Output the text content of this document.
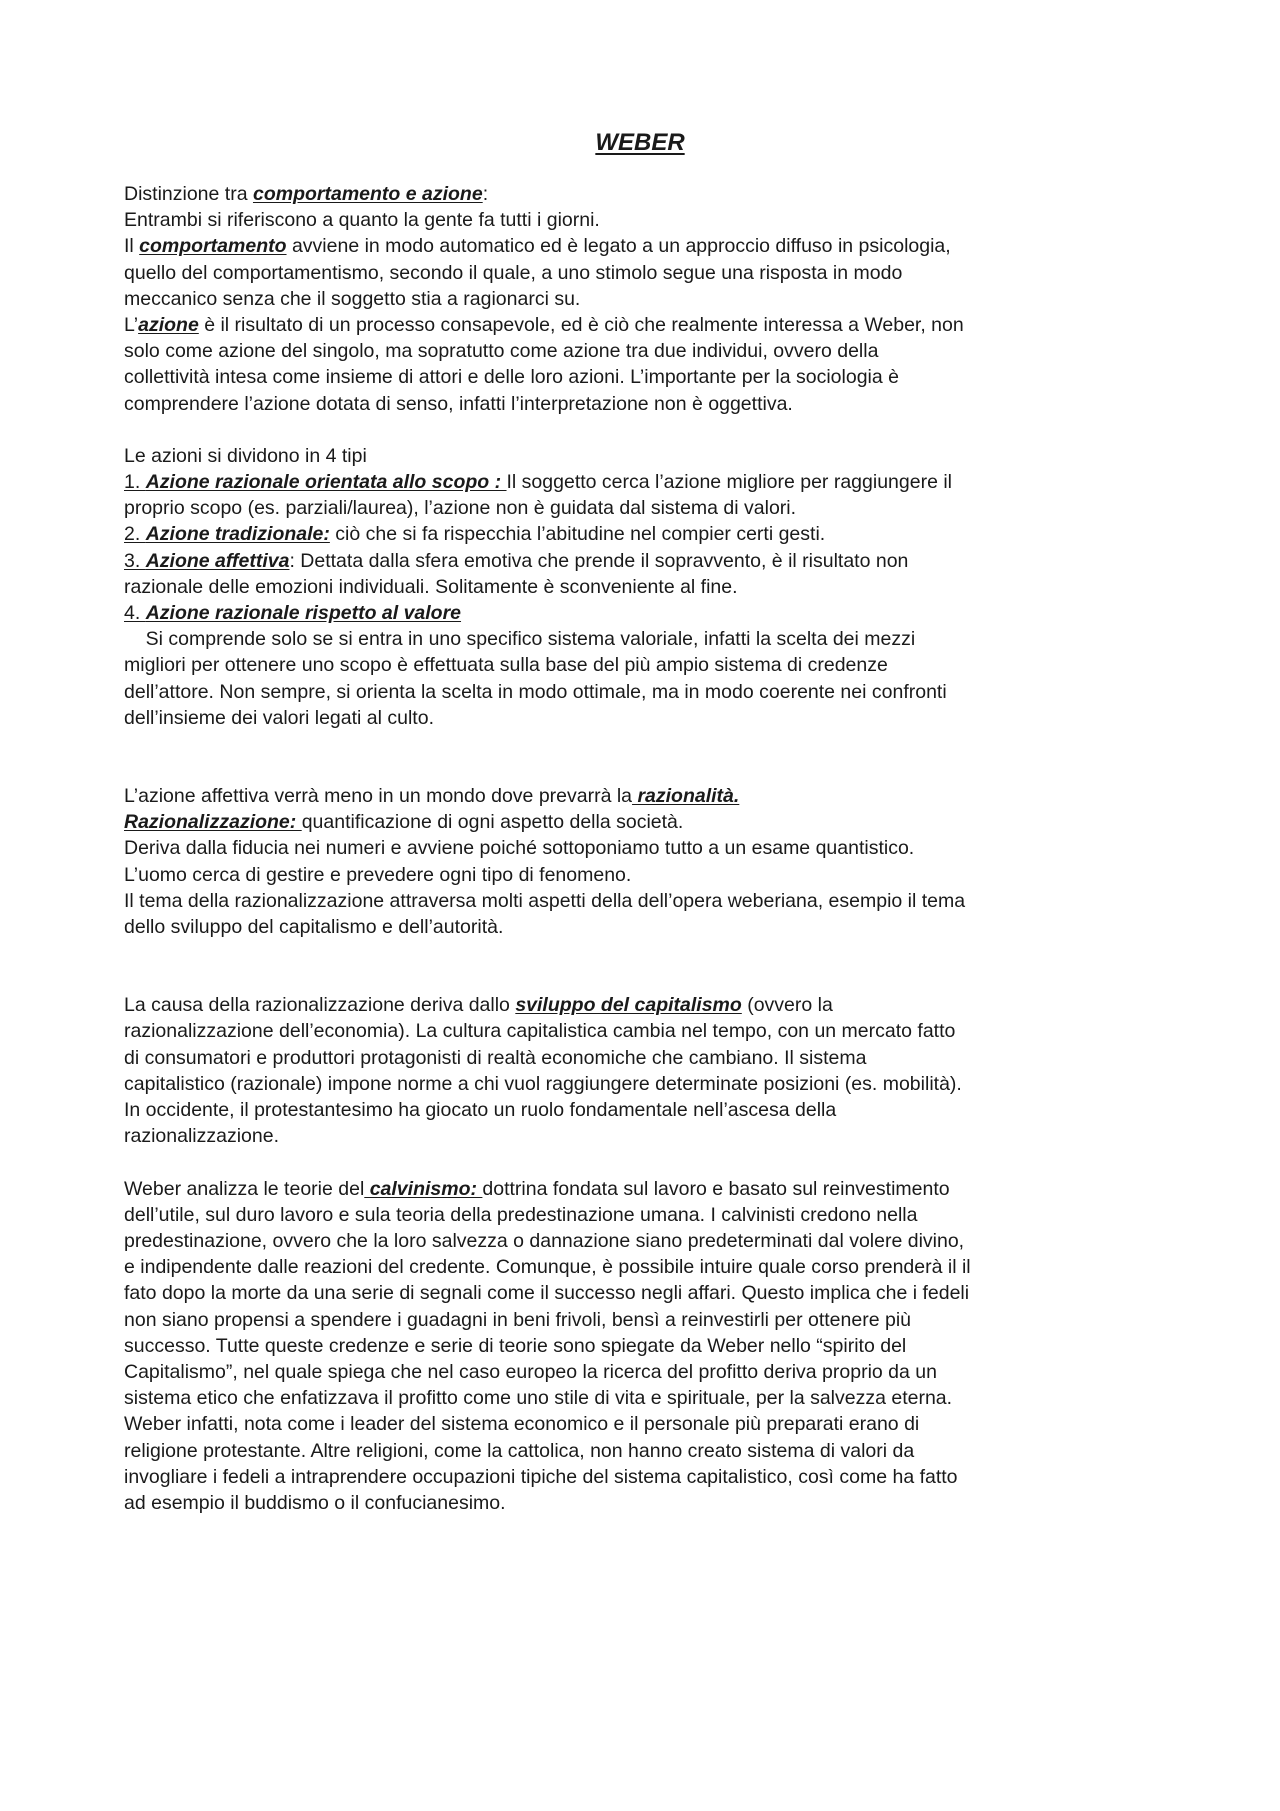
WEBER

Distinzione tra comportamento e azione:

Entrambi si riferiscono a quanto la gente fa tutti i giorni.

Il comportamento avviene in modo automatico ed è legato a un approccio diffuso in psicologia,

quello del comportamentismo, secondo il quale, a uno stimolo segue una risposta in modo

meccanico senza che il soggetto stia a ragionarci su.

L’azione è il risultato di un processo consapevole, ed è ciò che realmente interessa a Weber, non

solo come azione del singolo, ma sopratutto come azione tra due individui, ovvero della

collettività intesa come insieme di attori e delle loro azioni. L’importante per la sociologia è

comprendere l’azione dotata di senso, infatti l’interpretazione non è oggettiva.

Le azioni si dividono in 4 tipi

1. Azione razionale orientata allo scopo : Il soggetto cerca l’azione migliore per raggiungere il

proprio scopo (es. parziali/laurea), l’azione non è guidata dal sistema di valori.

2. Azione tradizionale: ciò che si fa rispecchia l’abitudine nel compier certi gesti.

3. Azione affettiva: Dettata dalla sfera emotiva che prende il sopravvento, è il risultato non

razionale delle emozioni individuali. Solitamente è sconveniente al fine.

4. Azione razionale rispetto al valore

Si comprende solo se si entra in uno specifico sistema valoriale, infatti la scelta dei mezzi

migliori per ottenere uno scopo è effettuata sulla base del più ampio sistema di credenze

dell’attore. Non sempre, si orienta la scelta in modo ottimale, ma in modo coerente nei confronti

dell’insieme dei valori legati al culto.

L’azione affettiva verrà meno in un mondo dove prevarrà la razionalità.

Razionalizzazione: quantificazione di ogni aspetto della società.

Deriva dalla fiducia nei numeri e avviene poiché sottoponiamo tutto a un esame quantistico.

L’uomo cerca di gestire e prevedere ogni tipo di fenomeno.

Il tema della razionalizzazione attraversa molti aspetti della dell’opera weberiana, esempio il tema

dello sviluppo del capitalismo e dell’autorità.

La causa della razionalizzazione deriva dallo sviluppo del capitalismo (ovvero la

razionalizzazione dell’economia). La cultura capitalistica cambia nel tempo, con un mercato fatto

di consumatori e produttori protagonisti di realtà economiche che cambiano. Il sistema

capitalistico (razionale) impone norme a chi vuol raggiungere determinate posizioni (es. mobilità).

In occidente, il protestantesimo ha giocato un ruolo fondamentale nell’ascesa della

razionalizzazione.

Weber analizza le teorie del calvinismo: dottrina fondata sul lavoro e basato sul reinvestimento

dell’utile, sul duro lavoro e sula teoria della predestinazione umana. I calvinisti credono nella

predestinazione, ovvero che la loro salvezza o dannazione siano predeterminati dal volere divino,

e indipendente dalle reazioni del credente. Comunque, è possibile intuire quale corso prenderà il il

fato dopo la morte da una serie di segnali come il successo negli affari. Questo implica che i fedeli

non siano propensi a spendere i guadagni in beni frivoli, bensì a reinvestirli per ottenere più

successo. Tutte queste credenze e serie di teorie sono spiegate da Weber nello “spirito del

Capitalismo”, nel quale spiega che nel caso europeo la ricerca del profitto deriva proprio da un

sistema etico che enfatizzava il profitto come uno stile di vita e spirituale, per la salvezza eterna.

Weber infatti, nota come i leader del sistema economico e il personale più preparati erano di

religione protestante. Altre religioni, come la cattolica, non hanno creato sistema di valori da

invogliare i fedeli a intraprendere occupazioni tipiche del sistema capitalistico, così come ha fatto

ad esempio il buddismo o il confucianesimo.
